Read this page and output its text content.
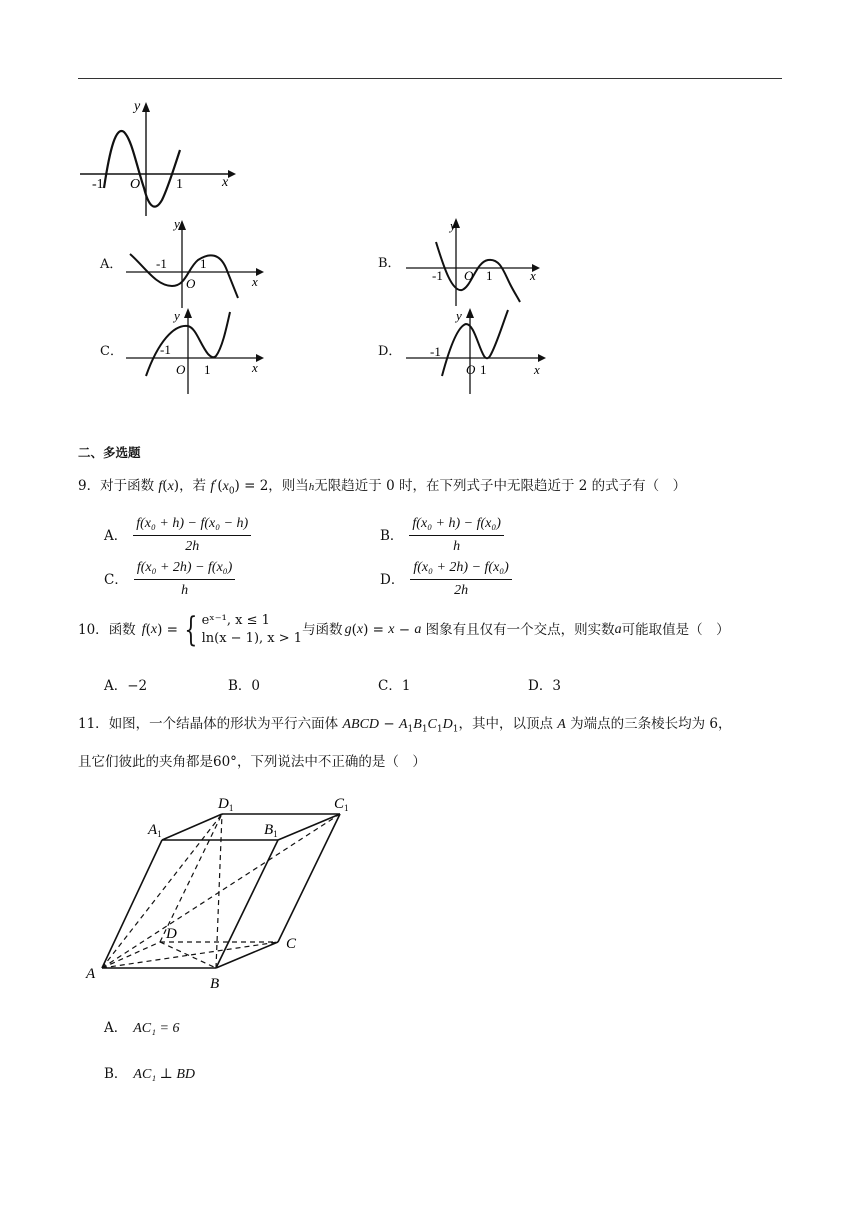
y
x
-1 O	1
A．
y
x
-1
O
1	B．
y
x
-1 O 1
C．
y
x
-1
O 1
D．
y
x
-1
O 1
二、多选题
9．对于函数 f(x)，若 $f'(x_0) = 2$，则当h无限趋近于 0 时，在下列式子中无限趋近于 2 的式子有（　）
A． $\frac{\text{f(x₀ + h) − f(x₀ − h)}}{2h}$	B． $\frac{\text{f(x₀ + h) − f(x₀)}}{h}$
C． $\frac{\text{f(x₀ + 2h) − f(x₀)}}{h}$	D． $\frac{\text{f(x₀ + 2h) − f(x₀)}}{2h}$
10． 函数 f ( x ) = { eˣ⁻¹, x ≤ 1
ln(x − 1), x > 1
与函数 g ( x ) = x − a
图象有且仅有一个交点，则实数 a 可能取值是（　）
A．−2	B．0	C．1	D．3
11．如图，一个结晶体的形状为平行六面体 ABCD − $A_1B_1C_1D_1$，其中，以顶点 A 为端点的三条棱长均为 6，
且它们彼此的夹角都是60°，下列说法中不正确的是（　）
A
B
C
D
$A_1$	$B_1$
$D_1$	$C_1$
A． AC₁ = 6
B． AC₁ ⊥ BD
